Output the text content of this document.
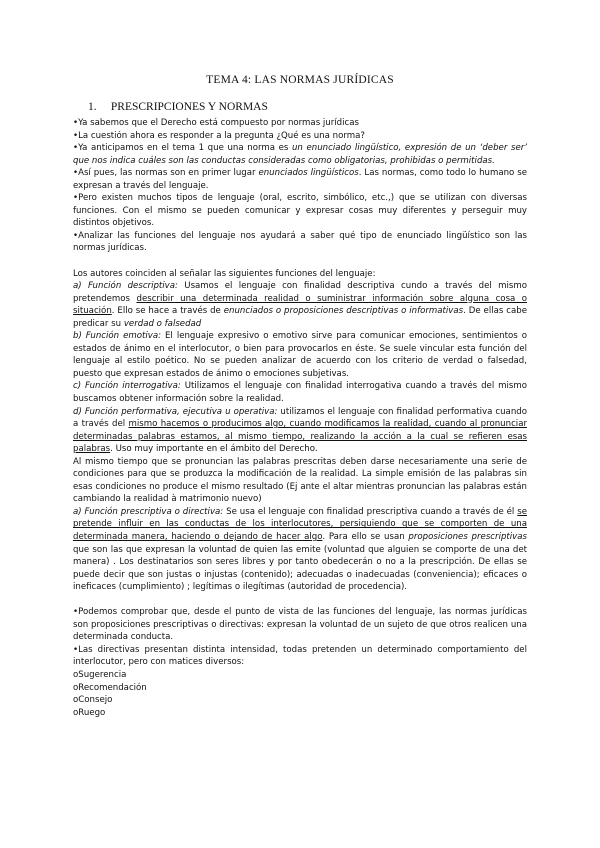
TEMA 4: LAS NORMAS JURÍDICAS
1. PRESCRIPCIONES Y NORMAS

•Ya sabemos que el Derecho está compuesto por normas jurídicas

•La cuestión ahora es responder a la pregunta ¿Qué es una norma?

•Ya anticipamos en el tema 1 que una norma es un enunciado lingüístico, expresión de un ‘deber ser’ que nos indica cuáles son las conductas consideradas como obligatorias, prohibidas o permitidas.

•Así pues, las normas son en primer lugar enunciados lingüísticos. Las normas, como todo lo humano se expresan a través del lenguaje.

•Pero existen muchos tipos de lenguaje (oral, escrito, simbólico, etc.,) que se utilizan con diversas funciones. Con el mismo se pueden comunicar y expresar cosas muy diferentes y perseguir muy distintos objetivos.

•Analizar las funciones del lenguaje nos ayudará a saber qué tipo de enunciado lingüístico son las normas jurídicas.

Los autores coinciden al señalar las siguientes funciones del lenguaje:

a) Función descriptiva: Usamos el lenguaje con finalidad descriptiva cundo a través del mismo pretendemos describir una determinada realidad o suministrar información sobre alguna cosa o situación. Ello se hace a través de enunciados o proposiciones descriptivas o informativas. De ellas cabe predicar su verdad o falsedad

b) Función emotiva: El lenguaje expresivo o emotivo sirve para comunicar emociones, sentimientos o estados de ánimo en el interlocutor, o bien para provocarlos en éste. Se suele vincular esta función del lenguaje al estilo poético. No se pueden analizar de acuerdo con los criterio de verdad o falsedad, puesto que expresan estados de ánimo o emociones subjetivas.

c) Función interrogativa: Utilizamos el lenguaje con finalidad interrogativa cuando a través del mismo buscamos obtener información sobre la realidad.

d) Función performativa, ejecutiva u operativa: utilizamos el lenguaje con finalidad performativa cuando a través del mismo hacemos o producimos algo, cuando modificamos la realidad, cuando al pronunciar determinadas palabras estamos, al mismo tiempo, realizando la acción a la cual se refieren esas palabras. Uso muy importante en el ámbito del Derecho.

Al mismo tiempo que se pronuncian las palabras prescritas deben darse necesariamente una serie de condiciones para que se produzca la modificación de la realidad. La simple emisión de las palabras sin esas condiciones no produce el mismo resultado (Ej ante el altar mientras pronuncian las palabras están cambiando la realidad à matrimonio nuevo)

a) Función prescriptiva o directiva: Se usa el lenguaje con finalidad prescriptiva cuando a través de él se pretende influir en las conductas de los interlocutores, persiguiendo que se comporten de una determinada manera, haciendo o dejando de hacer algo. Para ello se usan proposiciones prescriptivas que son las que expresan la voluntad de quien las emite (voluntad que alguien se comporte de una det manera) . Los destinatarios son seres libres y por tanto obedecerán o no a la prescripción. De ellas se puede decir que son justas o injustas (contenido); adecuadas o inadecuadas (conveniencia); eficaces o ineficaces (cumplimiento) ; legítimas o ilegítimas (autoridad de procedencia).

•Podemos comprobar que, desde el punto de vista de las funciones del lenguaje, las normas jurídicas son proposiciones prescriptivas o directivas: expresan la voluntad de un sujeto de que otros realicen una determinada conducta.

•Las directivas presentan distinta intensidad, todas pretenden un determinado comportamiento del interlocutor, pero con matices diversos:

oSugerencia

oRecomendación

oConsejo

oRuego
